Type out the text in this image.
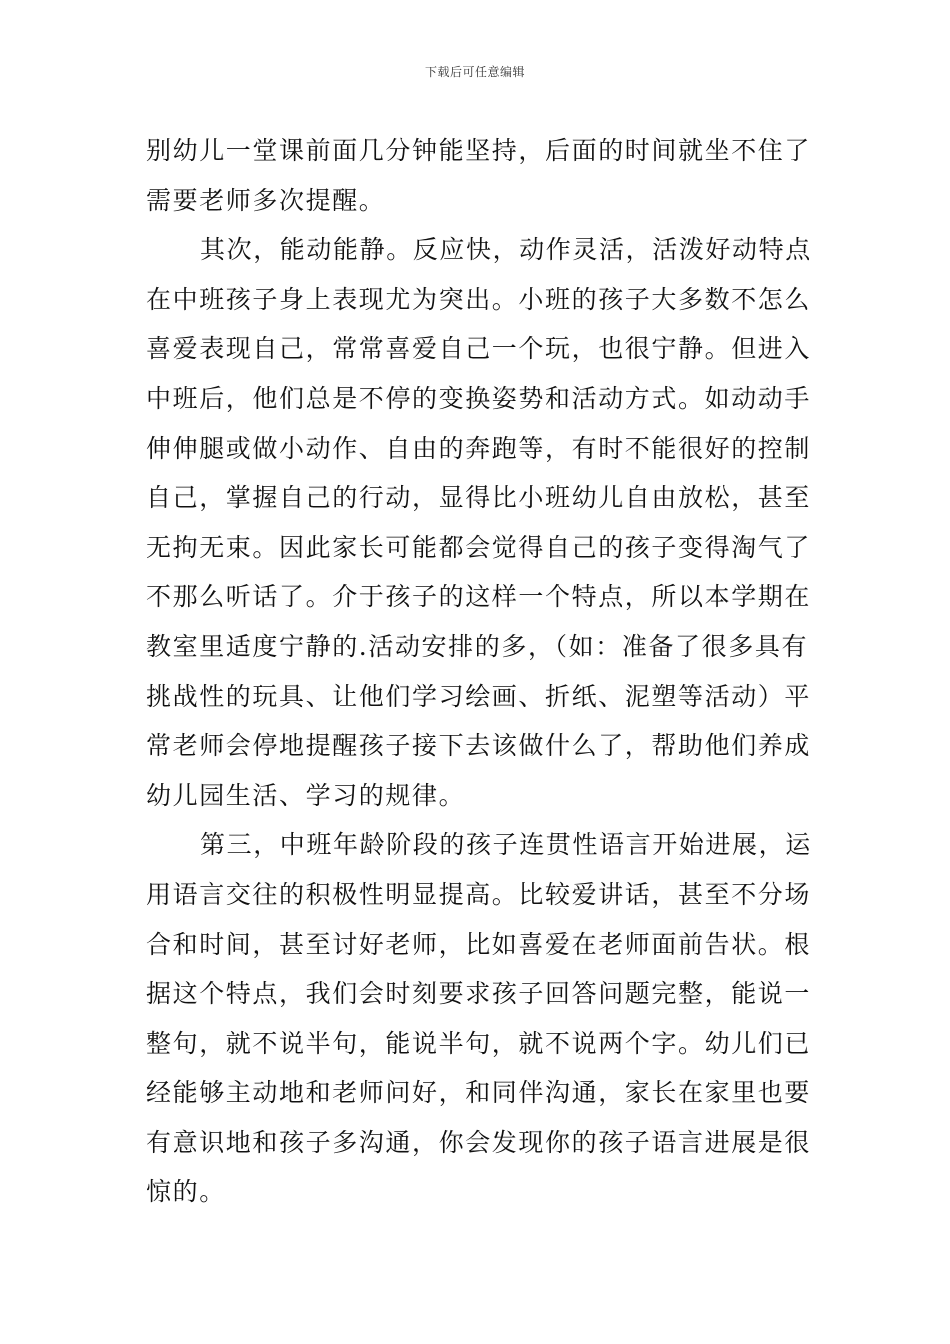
下载后可任意编辑
别幼儿一堂课前面几分钟能坚持，后面的时间就坐不住了
需要老师多次提醒。
其次，能动能静。反应快，动作灵活，活泼好动特点
在中班孩子身上表现尤为突出。小班的孩子大多数不怎么
喜爱表现自己，常常喜爱自己一个玩，也很宁静。但进入
中班后，他们总是不停的变换姿势和活动方式。如动动手
伸伸腿或做小动作、自由的奔跑等，有时不能很好的控制
自己，掌握自己的行动，显得比小班幼儿自由放松，甚至
无拘无束。因此家长可能都会觉得自己的孩子变得淘气了
不那么听话了。介于孩子的这样一个特点，所以本学期在
教室里适度宁静的.活动安排的多，（如：准备了很多具有
挑战性的玩具、让他们学习绘画、折纸、泥塑等活动）平
常老师会停地提醒孩子接下去该做什么了，帮助他们养成
幼儿园生活、学习的规律。
第三，中班年龄阶段的孩子连贯性语言开始进展，运
用语言交往的积极性明显提高。比较爱讲话，甚至不分场
合和时间，甚至讨好老师，比如喜爱在老师面前告状。根
据这个特点，我们会时刻要求孩子回答问题完整，能说一
整句，就不说半句，能说半句，就不说两个字。幼儿们已
经能够主动地和老师问好，和同伴沟通，家长在家里也要
有意识地和孩子多沟通，你会发现你的孩子语言进展是很
惊的。
